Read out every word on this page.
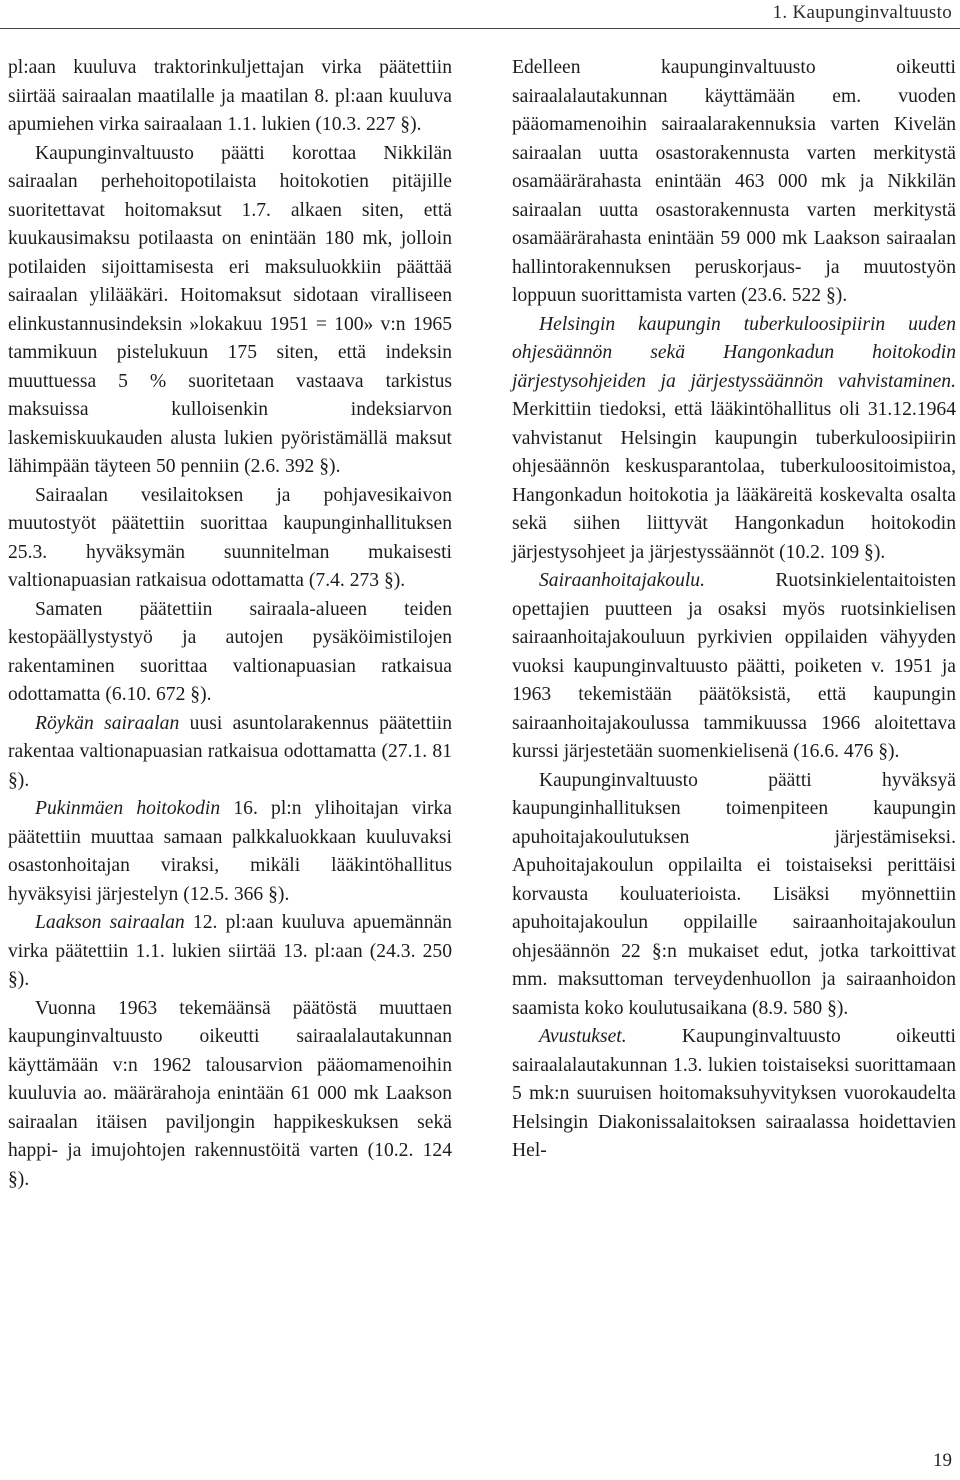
1. Kaupunginvaltuusto

pl:aan kuuluva traktorinkuljettajan virka päätettiin siirtää sairaalan maatilalle ja maatilan 8. pl:aan kuuluva apumiehen virka sairaalaan 1.1. lukien (10.3. 227 §).

Kaupunginvaltuusto päätti korottaa Nikkilän sairaalan perhehoitopotilaista hoitokotien pitäjille suoritettavat hoitomaksut 1.7. alkaen siten, että kuukausimaksu potilaasta on enintään 180 mk, jolloin potilaiden sijoittamisesta eri maksuluokkiin päättää sairaalan ylilääkäri. Hoitomaksut sidotaan viralliseen elinkustannusindeksin »lokakuu 1951 = 100» v:n 1965 tammikuun pistelukuun 175 siten, että indeksin muuttuessa 5 % suoritetaan vastaava tarkistus maksuissa kulloisenkin indeksiarvon laskemiskuukauden alusta lukien pyöristämällä maksut lähimpään täyteen 50 penniin (2.6. 392 §).

Sairaalan vesilaitoksen ja pohjavesikaivon muutostyöt päätettiin suorittaa kaupunginhallituksen 25.3. hyväksymän suunnitelman mukaisesti valtionapuasian ratkaisua odottamatta (7.4. 273 §).

Samaten päätettiin sairaala-alueen teiden kestopäällystystyö ja autojen pysäköimistilojen rakentaminen suorittaa valtionapuasian ratkaisua odottamatta (6.10. 672 §).

Röykän sairaalan uusi asuntolarakennus päätettiin rakentaa valtionapuasian ratkaisua odottamatta (27.1. 81 §).

Pukinmäen hoitokodin 16. pl:n ylihoitajan virka päätettiin muuttaa samaan palkkaluokkaan kuuluvaksi osastonhoitajan viraksi, mikäli lääkintöhallitus hyväksyisi järjestelyn (12.5. 366 §).

Laakson sairaalan 12. pl:aan kuuluva apuemännän virka päätettiin 1.1. lukien siirtää 13. pl:aan (24.3. 250 §).

Vuonna 1963 tekemäänsä päätöstä muuttaen kaupunginvaltuusto oikeutti sairaalalautakunnan käyttämään v:n 1962 talousarvion pääomamenoihin kuuluvia ao. määrärahoja enintään 61 000 mk Laakson sairaalan itäisen paviljongin happikeskuksen sekä happi- ja imujohtojen rakennustöitä varten (10.2. 124 §).

Edelleen kaupunginvaltuusto oikeutti sairaalalautakunnan käyttämään em. vuoden pääomamenoihin sairaalarakennuksia varten Kivelän sairaalan uutta osastorakennusta varten merkitystä osamäärärahasta enintään 463 000 mk ja Nikkilän sairaalan uutta osastorakennusta varten merkitystä osamäärärahasta enintään 59 000 mk Laakson sairaalan hallintorakennuksen peruskorjaus- ja muutostyön loppuun suorittamista varten (23.6. 522 §).

Helsingin kaupungin tuberkuloosipiirin uuden ohjesäännön sekä Hangonkadun hoitokodin järjestysohjeiden ja järjestyssäännön vahvistaminen. Merkittiin tiedoksi, että lääkintöhallitus oli 31.12.1964 vahvistanut Helsingin kaupungin tuberkuloosipiirin ohjesäännön keskusparantolaa, tuberkuloositoimistoa, Hangonkadun hoitokotia ja lääkäreitä koskevalta osalta sekä siihen liittyvät Hangonkadun hoitokodin järjestysohjeet ja järjestyssäännöt (10.2. 109 §).

Sairaanhoitajakoulu. Ruotsinkielentaitoisten opettajien puutteen ja osaksi myös ruotsinkielisen sairaanhoitajakouluun pyrkivien oppilaiden vähyyden vuoksi kaupunginvaltuusto päätti, poiketen v. 1951 ja 1963 tekemistään päätöksistä, että kaupungin sairaanhoitajakoulussa tammikuussa 1966 aloitettava kurssi järjestetään suomenkielisenä (16.6. 476 §).

Kaupunginvaltuusto päätti hyväksyä kaupunginhallituksen toimenpiteen kaupungin apuhoitajakoulutuksen järjestämiseksi. Apuhoitajakoulun oppilailta ei toistaiseksi perittäisi korvausta kouluaterioista. Lisäksi myönnettiin apuhoitajakoulun oppilaille sairaanhoitajakoulun ohjesäännön 22 §:n mukaiset edut, jotka tarkoittivat mm. maksuttoman terveydenhuollon ja sairaanhoidon saamista koko koulutusaikana (8.9. 580 §).

Avustukset. Kaupunginvaltuusto oikeutti sairaalalautakunnan 1.3. lukien toistaiseksi suorittamaan 5 mk:n suuruisen hoitomaksuhyvityksen vuorokaudelta Helsingin Diakonissalaitoksen sairaalassa hoidettavien Hel-

19
